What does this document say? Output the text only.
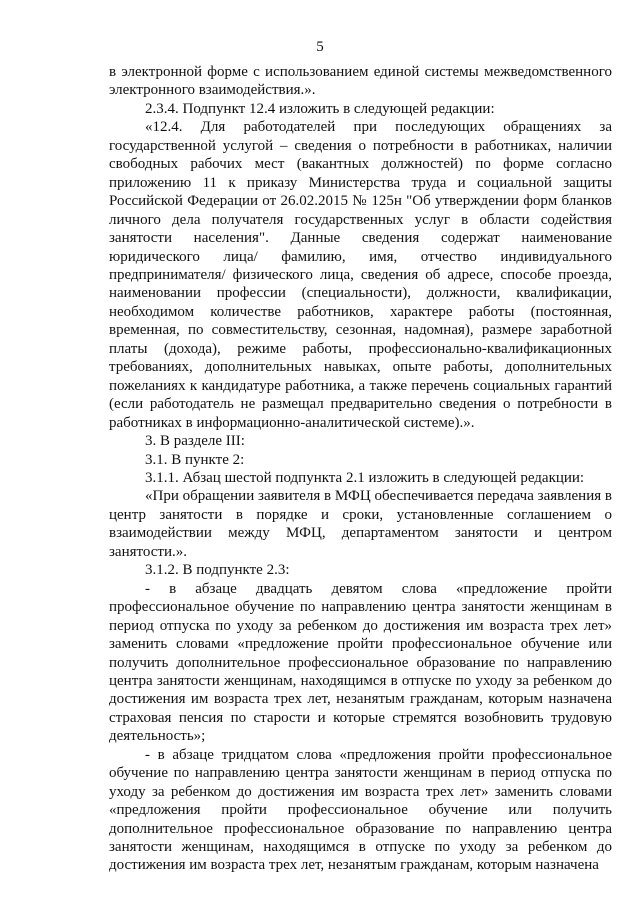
5

в электронной форме с использованием единой системы межведомственного электронного взаимодействия.».

2.3.4. Подпункт 12.4 изложить в следующей редакции:

«12.4. Для работодателей при последующих обращениях за государственной услугой – сведения о потребности в работниках, наличии свободных рабочих мест (вакантных должностей) по форме согласно приложению 11 к приказу Министерства труда и социальной защиты Российской Федерации от 26.02.2015 № 125н "Об утверждении форм бланков личного дела получателя государственных услуг в области содействия занятости населения". Данные сведения содержат наименование юридического лица/ фамилию, имя, отчество индивидуального предпринимателя/ физического лица, сведения об адресе, способе проезда, наименовании профессии (специальности), должности, квалификации, необходимом количестве работников, характере работы (постоянная, временная, по совместительству, сезонная, надомная), размере заработной платы (дохода), режиме работы, профессионально-квалификационных требованиях, дополнительных навыках, опыте работы, дополнительных пожеланиях к кандидатуре работника, а также перечень социальных гарантий (если работодатель не размещал предварительно сведения о потребности в работниках в информационно-аналитической системе).».

3. В разделе III:

3.1. В пункте 2:

3.1.1. Абзац шестой подпункта 2.1 изложить в следующей редакции:

«При обращении заявителя в МФЦ обеспечивается передача заявления в центр занятости в порядке и сроки, установленные соглашением о взаимодействии между МФЦ, департаментом занятости и центром занятости.».

3.1.2. В подпункте 2.3:

- в абзаце двадцать девятом слова «предложение пройти профессиональное обучение по направлению центра занятости женщинам в период отпуска по уходу за ребенком до достижения им возраста трех лет» заменить словами «предложение пройти профессиональное обучение или получить дополнительное профессиональное образование по направлению центра занятости женщинам, находящимся в отпуске по уходу за ребенком до достижения им возраста трех лет, незанятым гражданам, которым назначена страховая пенсия по старости и которые стремятся возобновить трудовую деятельность»;

- в абзаце тридцатом слова «предложения пройти профессиональное обучение по направлению центра занятости женщинам в период отпуска по уходу за ребенком до достижения им возраста трех лет» заменить словами «предложения пройти профессиональное обучение или получить дополнительное профессиональное образование по направлению центра занятости женщинам, находящимся в отпуске по уходу за ребенком до достижения им возраста трех лет, незанятым гражданам, которым назначена
